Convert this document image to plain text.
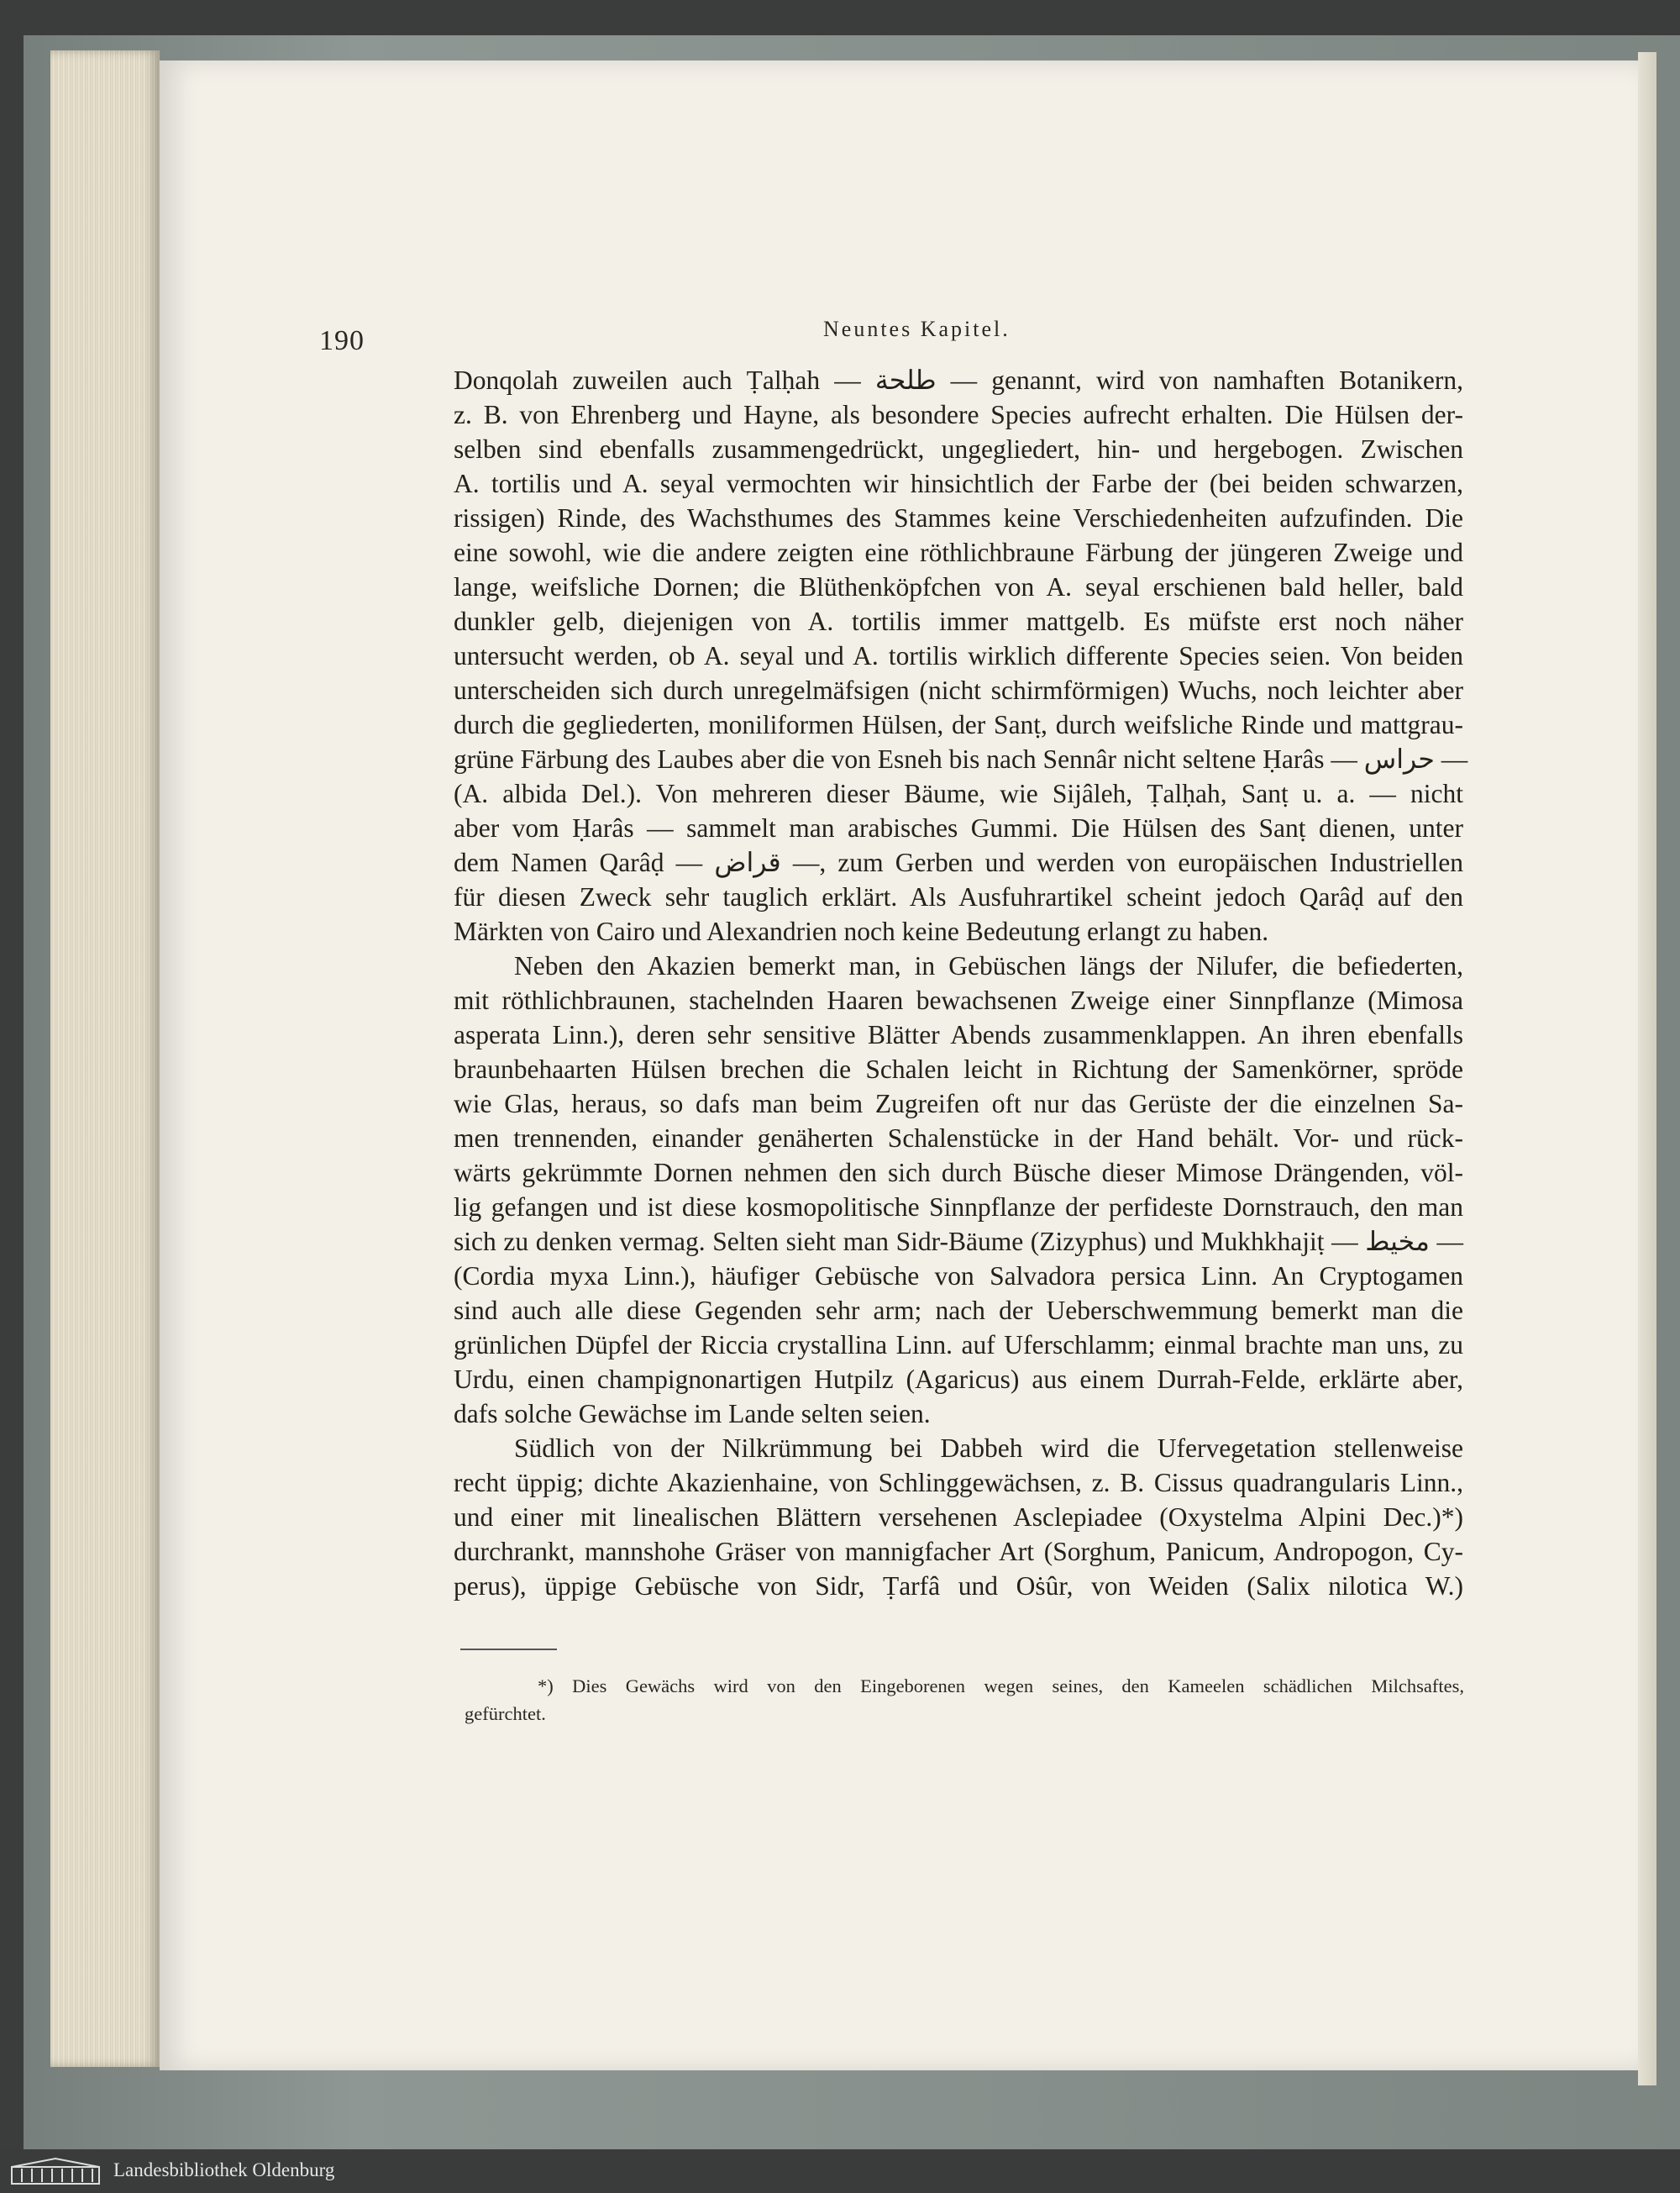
190	Neuntes Kapitel.
Donqolah zuweilen auch Ṭalḥah — طلحة — genannt, wird von namhaften Botanikern,
z. B. von Ehrenberg und Hayne, als besondere Species aufrecht erhalten. Die Hülsen der-
selben sind ebenfalls zusammengedrückt, ungegliedert, hin- und hergebogen. Zwischen
A. tortilis und A. seyal vermochten wir hinsichtlich der Farbe der (bei beiden schwarzen,
rissigen) Rinde, des Wachsthumes des Stammes keine Verschiedenheiten aufzufinden. Die
eine sowohl, wie die andere zeigten eine röthlichbraune Färbung der jüngeren Zweige und
lange, weifsliche Dornen; die Blüthenköpfchen von A. seyal erschienen bald heller, bald
dunkler gelb, diejenigen von A. tortilis immer mattgelb. Es müfste erst noch näher
untersucht werden, ob A. seyal und A. tortilis wirklich differente Species seien. Von beiden
unterscheiden sich durch unregelmäfsigen (nicht schirmförmigen) Wuchs, noch leichter aber
durch die gegliederten, moniliformen Hülsen, der Sanṭ, durch weifsliche Rinde und mattgrau-
grüne Färbung des Laubes aber die von Esneh bis nach Sennâr nicht seltene Ḥarâs — حراس —
(A. albida Del.). Von mehreren dieser Bäume, wie Sijâleh, Ṭalḥah, Sanṭ u. a. — nicht
aber vom Ḥarâs — sammelt man arabisches Gummi. Die Hülsen des Sanṭ dienen, unter
dem Namen Qarâḍ — قراض —, zum Gerben und werden von europäischen Industriellen
für diesen Zweck sehr tauglich erklärt. Als Ausfuhrartikel scheint jedoch Qarâḍ auf den
Märkten von Cairo und Alexandrien noch keine Bedeutung erlangt zu haben.
Neben den Akazien bemerkt man, in Gebüschen längs der Nilufer, die befiederten,
mit röthlichbraunen, stachelnden Haaren bewachsenen Zweige einer Sinnpflanze (Mimosa
asperata Linn.), deren sehr sensitive Blätter Abends zusammenklappen. An ihren ebenfalls
braunbehaarten Hülsen brechen die Schalen leicht in Richtung der Samenkörner, spröde
wie Glas, heraus, so dafs man beim Zugreifen oft nur das Gerüste der die einzelnen Sa-
men trennenden, einander genäherten Schalenstücke in der Hand behält. Vor- und rück-
wärts gekrümmte Dornen nehmen den sich durch Büsche dieser Mimose Drängenden, völ-
lig gefangen und ist diese kosmopolitische Sinnpflanze der perfideste Dornstrauch, den man
sich zu denken vermag. Selten sieht man Sidr-Bäume (Zizyphus) und Mukhkhajiṭ — مخيط —
(Cordia myxa Linn.), häufiger Gebüsche von Salvadora persica Linn. An Cryptogamen
sind auch alle diese Gegenden sehr arm; nach der Ueberschwemmung bemerkt man die
grünlichen Düpfel der Riccia crystallina Linn. auf Uferschlamm; einmal brachte man uns, zu
Urdu, einen champignonartigen Hutpilz (Agaricus) aus einem Durrah-Felde, erklärte aber,
dafs solche Gewächse im Lande selten seien.
Südlich von der Nilkrümmung bei Dabbeh wird die Ufervegetation stellenweise
recht üppig; dichte Akazienhaine, von Schlinggewächsen, z. B. Cissus quadrangularis Linn.,
und einer mit linealischen Blättern versehenen Asclepiadee (Oxystelma Alpini Dec.)*)
durchrankt, mannshohe Gräser von mannigfacher Art (Sorghum, Panicum, Andropogon, Cy-
perus), üppige Gebüsche von Sidr, Ṭarfâ und Oṡûr, von Weiden (Salix nilotica W.)
*) Dies Gewächs wird von den Eingeborenen wegen seines, den Kameelen schädlichen Milchsaftes,
gefürchtet.
Landesbibliothek Oldenburg
